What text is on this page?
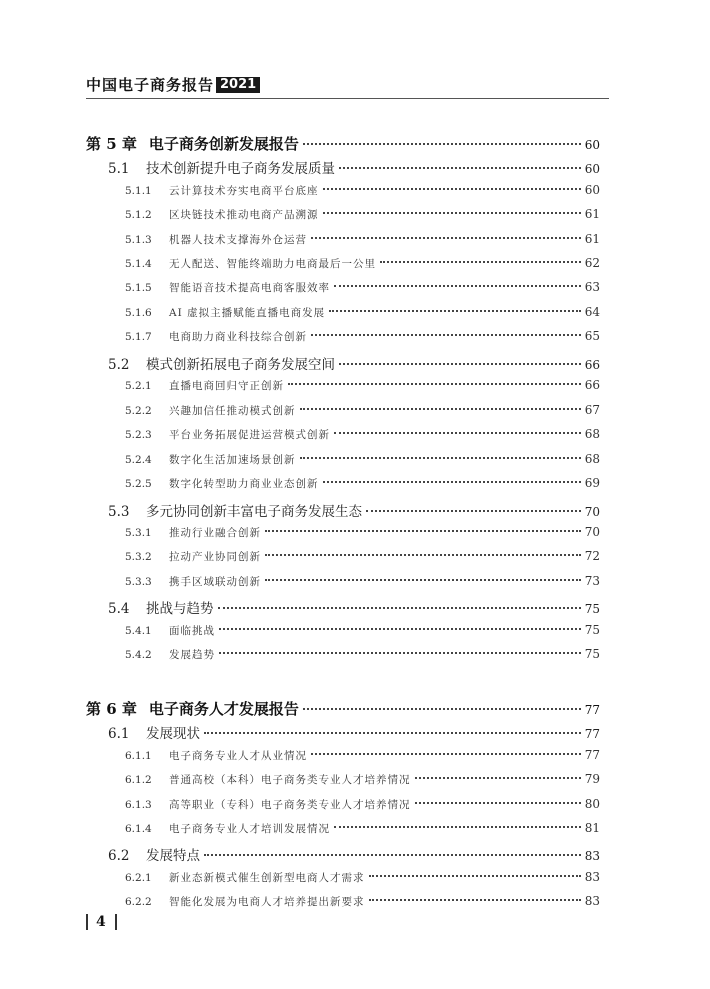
中国电子商务报告 2021
第 5 章 电子商务创新发展报告	60
5.1	技术创新提升电子商务发展质量	60
5.1.1	云计算技术夯实电商平台底座	60
5.1.2	区块链技术推动电商产品溯源	61
5.1.3	机器人技术支撑海外仓运营	61
5.1.4	无人配送、智能终端助力电商最后一公里	62
5.1.5	智能语音技术提高电商客服效率	63
5.1.6	AI 虚拟主播赋能直播电商发展	64
5.1.7	电商助力商业科技综合创新	65
5.2	模式创新拓展电子商务发展空间	66
5.2.1	直播电商回归守正创新	66
5.2.2	兴趣加信任推动模式创新	67
5.2.3	平台业务拓展促进运营模式创新	68
5.2.4	数字化生活加速场景创新	68
5.2.5	数字化转型助力商业业态创新	69
5.3	多元协同创新丰富电子商务发展生态	70
5.3.1	推动行业融合创新	70
5.3.2	拉动产业协同创新	72
5.3.3	携手区域联动创新	73
5.4	挑战与趋势	75
5.4.1	面临挑战	75
5.4.2	发展趋势	75
第 6 章 电子商务人才发展报告	77
6.1	发展现状	77
6.1.1	电子商务专业人才从业情况	77
6.1.2	普通高校（本科）电子商务类专业人才培养情况	79
6.1.3	高等职业（专科）电子商务类专业人才培养情况	80
6.1.4	电子商务专业人才培训发展情况	81
6.2	发展特点	83
6.2.1	新业态新模式催生创新型电商人才需求	83
6.2.2	智能化发展为电商人才培养提出新要求	83
4
